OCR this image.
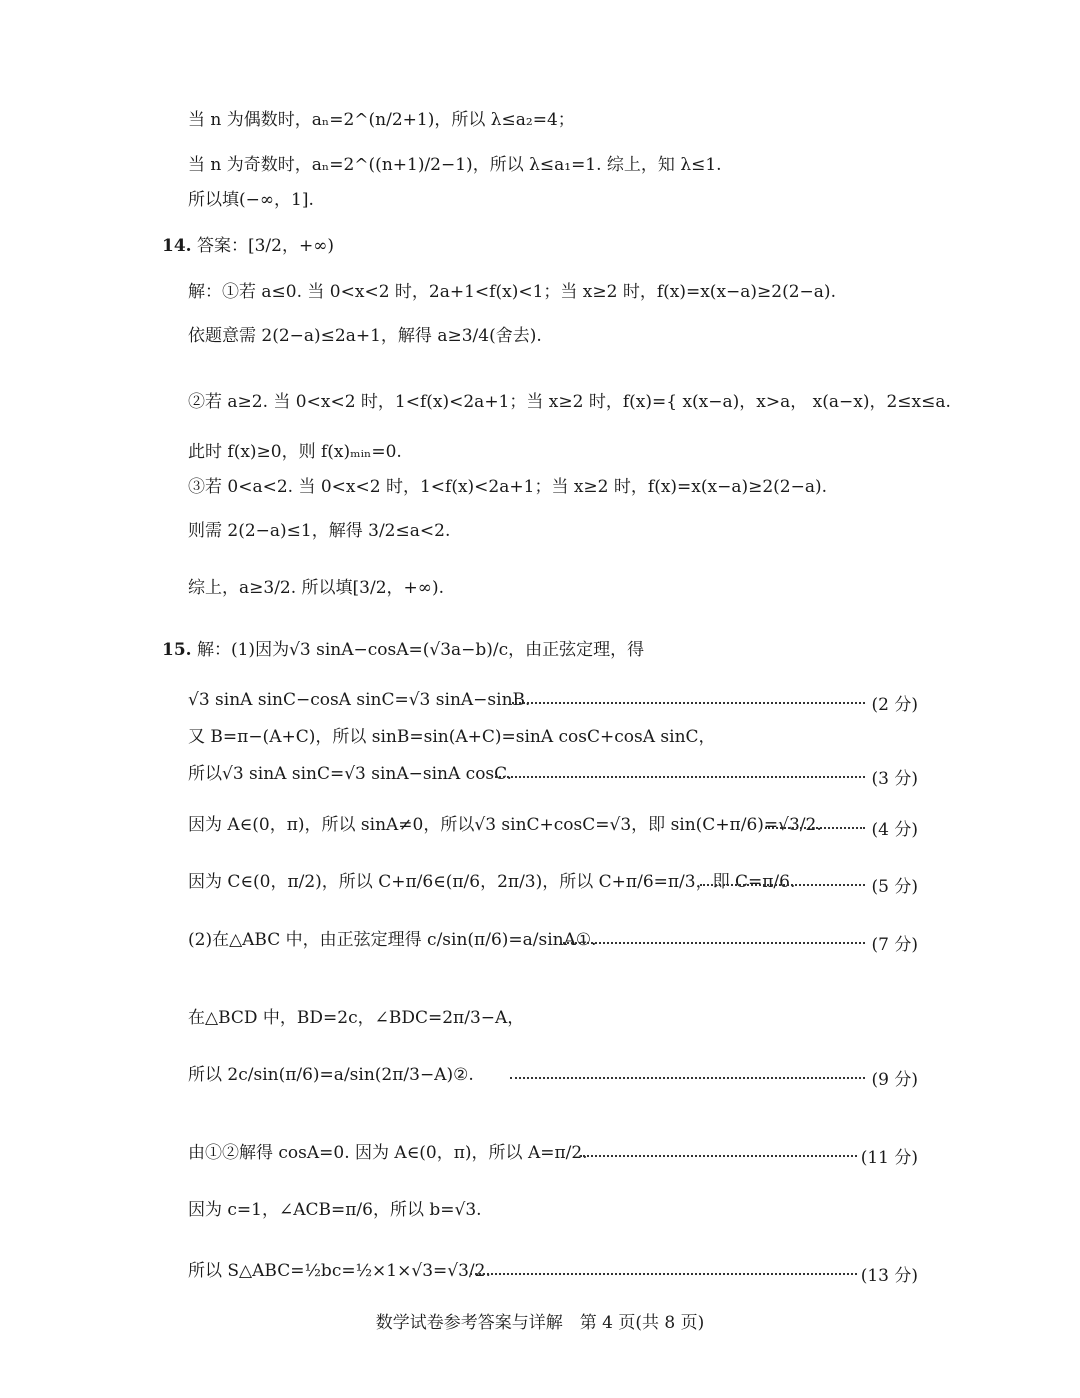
当 n 为偶数时，aₙ=2^(n/2+1)，所以 λ≤a₂=4；
当 n 为奇数时，aₙ=2^((n+1)/2−1)，所以 λ≤a₁=1. 综上，知 λ≤1.
所以填(−∞，1].
14. 答案：[3/2，+∞)
解：①若 a≤0. 当 0<x<2 时，2a+1<f(x)<1；当 x≥2 时，f(x)=x(x−a)≥2(2−a).
依题意需 2(2−a)≤2a+1，解得 a≥3/4(舍去).
②若 a≥2. 当 0<x<2 时，1<f(x)<2a+1；当 x≥2 时，f(x)={ x(x−a)，x>a， x(a−x)，2≤x≤a.
此时 f(x)≥0，则 f(x)ₘᵢₙ=0.
③若 0<a<2. 当 0<x<2 时，1<f(x)<2a+1；当 x≥2 时，f(x)=x(x−a)≥2(2−a).
则需 2(2−a)≤1，解得 3/2≤a<2.
综上，a≥3/2. 所以填[3/2，+∞).
15. 解：(1)因为√3 sinA−cosA=(√3a−b)/c，由正弦定理，得
√3 sinA sinC−cosA sinC=√3 sinA−sinB.	(2 分)
又 B=π−(A+C)，所以 sinB=sin(A+C)=sinA cosC+cosA sinC，
所以√3 sinA sinC=√3 sinA−sinA cosC.	(3 分)
因为 A∈(0，π)，所以 sinA≠0，所以√3 sinC+cosC=√3，即 sin(C+π/6)=√3/2.	(4 分)
因为 C∈(0，π/2)，所以 C+π/6∈(π/6，2π/3)，所以 C+π/6=π/3，即 C=π/6.	(5 分)
(2)在△ABC 中，由正弦定理得 c/sin(π/6)=a/sinA①.	(7 分)
在△BCD 中，BD=2c，∠BDC=2π/3−A，
所以 2c/sin(π/6)=a/sin(2π/3−A)②.	(9 分)
由①②解得 cosA=0. 因为 A∈(0，π)，所以 A=π/2.	(11 分)
因为 c=1，∠ACB=π/6，所以 b=√3.
所以 S△ABC=½bc=½×1×√3=√3/2.	(13 分)
数学试卷参考答案与详解　第 4 页(共 8 页)
